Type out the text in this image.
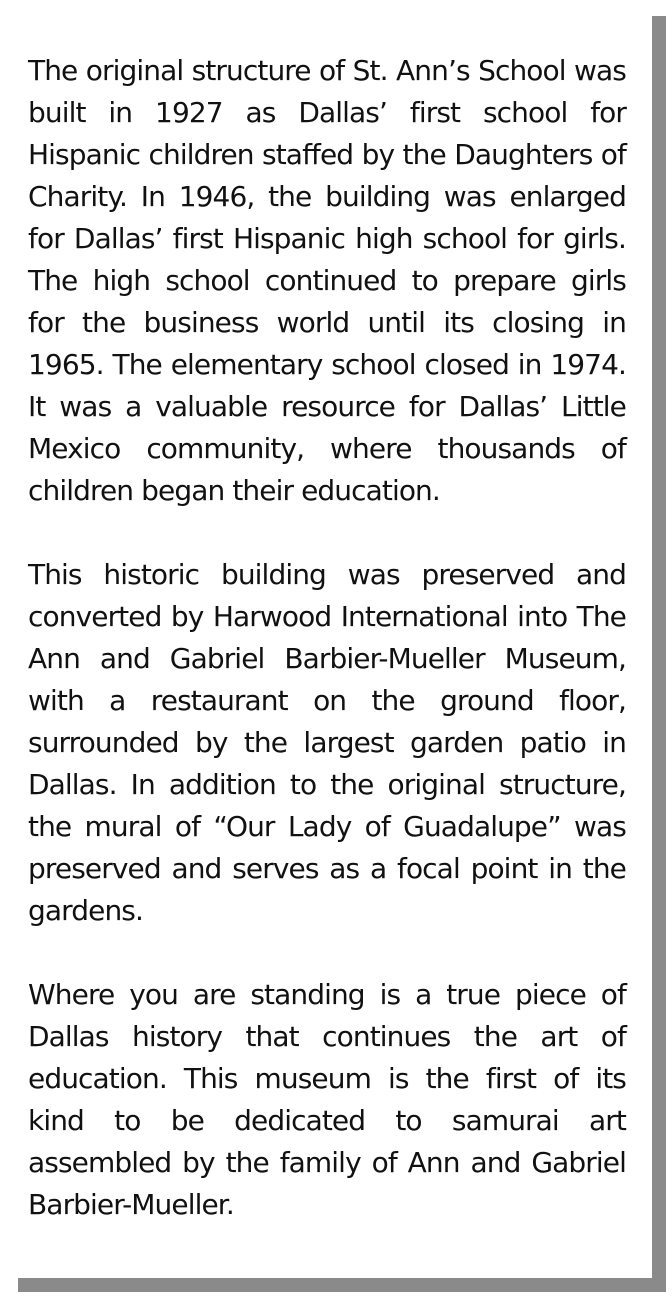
The original structure of St. Ann’s School was built in 1927 as Dallas’ first school for Hispanic children staffed by the Daughters of Charity. In 1946, the building was enlarged for Dallas’ first Hispanic high school for girls. The high school continued to prepare girls for the business world until its closing in 1965. The elementary school closed in 1974. It was a valuable resource for Dallas’ Little Mexico community, where thousands of children began their education.

This historic building was preserved and converted by Harwood International into The Ann and Gabriel Barbier-Mueller Museum, with a restaurant on the ground floor, surrounded by the largest garden patio in Dallas. In addition to the original structure, the mural of “Our Lady of Guadalupe” was preserved and serves as a focal point in the gardens.

Where you are standing is a true piece of Dallas history that continues the art of education. This museum is the first of its kind to be dedicated to samurai art assembled by the family of Ann and Gabriel Barbier-Mueller.
